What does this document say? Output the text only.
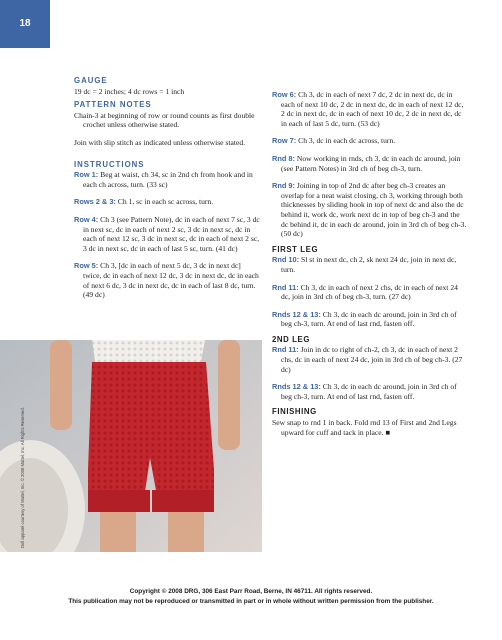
18
GAUGE

19 dc = 2 inches; 4 dc rows = 1 inch

PATTERN NOTES

Chain-3 at beginning of row or round counts as first double crochet unless otherwise stated.

Join with slip stitch as indicated unless otherwise stated.

INSTRUCTIONS

Row 1: Beg at waist, ch 34, sc in 2nd ch from hook and in each ch across, turn. (33 sc)

Rows 2 & 3: Ch 1, sc in each sc across, turn.

Row 4: Ch 3 (see Pattern Note), dc in each of next 7 sc, 3 dc in next sc, dc in each of next 2 sc, 3 dc in next sc, dc in each of next 12 sc, 3 dc in next sc, dc in each of next 2 sc, 3 dc in next sc, dc in each of last 5 sc, turn. (41 dc)

Row 5: Ch 3, [dc in each of next 5 dc, 3 dc in next dc] twice, dc in each of next 12 dc, 3 dc in next dc, dc in each of next 6 dc, 3 dc in next dc, dc in each of last 8 dc, turn. (49 dc)

Row 6: Ch 3, dc in each of next 7 dc, 2 dc in next dc, dc in each of next 10 dc, 2 dc in next dc, dc in each of next 12 dc, 2 dc in next dc, dc in each of next 10 dc, 2 dc in next dc, dc in each of last 5 dc, turn. (53 dc)

Row 7: Ch 3, dc in each dc across, turn.

Rnd 8: Now working in rnds, ch 3, dc in each dc around, join (see Pattern Notes) in 3rd ch of beg ch-3, turn.

Rnd 9: Joining in top of 2nd dc after beg ch-3 creates an overlap for a neat waist closing, ch 3, working through both thicknesses by sliding hook in top of next dc and also the dc behind it, work dc, work next dc in top of beg ch-3 and the dc behind it, dc in each dc around, join in 3rd ch of beg ch-3. (50 dc)

FIRST LEG

Rnd 10: Sl st in next dc, ch 2, sk next 24 dc, join in next dc, turn.

Rnd 11: Ch 3, dc in each of next 2 chs, dc in each of next 24 dc, join in 3rd ch of beg ch-3, turn. (27 dc)

Rnds 12 & 13: Ch 3, dc in each dc around, join in 3rd ch of beg ch-3, turn. At end of last rnd, fasten off.

2ND LEG

Rnd 11: Join in dc to right of ch-2, ch 3, dc in each of next 2 chs, dc in each of next 24 dc, join in 3rd ch of beg ch-3. (27 dc)

Rnds 12 & 13: Ch 3, dc in each dc around, join in 3rd ch of beg ch-3, turn. At end of last rnd, fasten off.

FINISHING

Sew snap to rnd 1 in back. Fold rnd 13 of First and 2nd Legs upward for cuff and tack in place. ■

Doll apparel courtesy of Mattel, Inc. © 2008 Mattel, Inc. All Rights Reserved.
Copyright © 2008 DRG, 306 East Parr Road, Berne, IN 46711. All rights reserved.
This publication may not be reproduced or transmitted in part or in whole without written permission from the publisher.
